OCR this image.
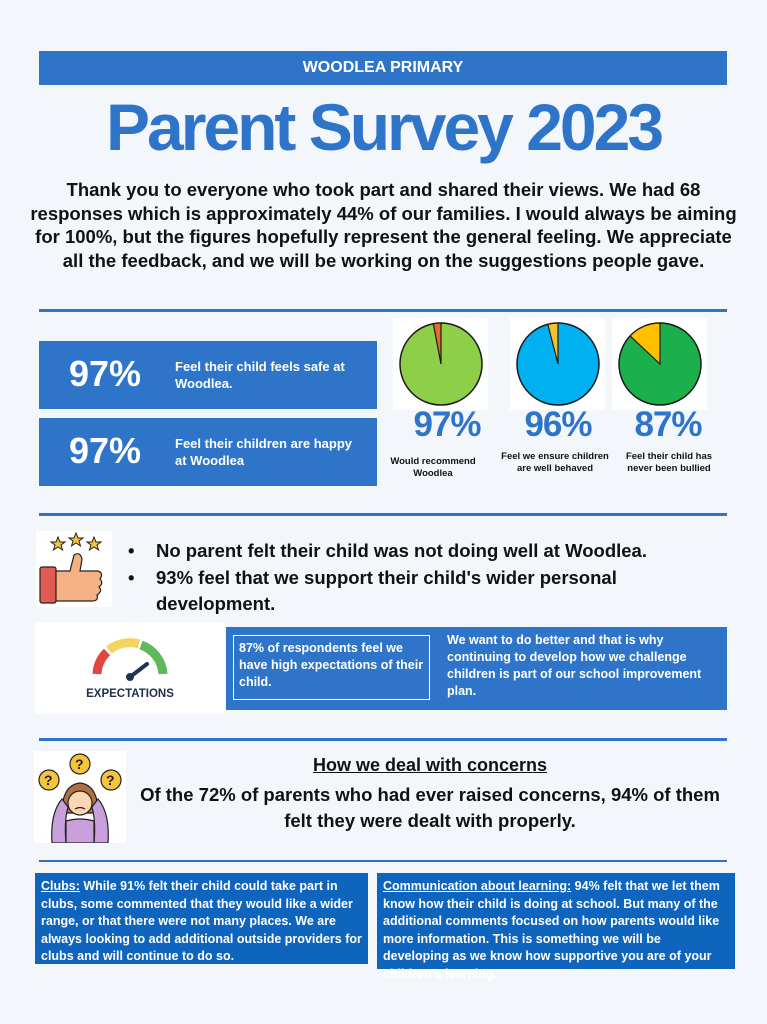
WOODLEA PRIMARY
Parent Survey 2023
Thank you to everyone who took part and shared their views. We had 68 responses which is approximately 44% of our families. I would always be aiming for 100%, but the figures hopefully represent the general feeling. We appreciate all the feedback, and we will be working on the suggestions people gave.
97%	Feel their child feels safe at Woodlea.
97%	Feel their children are happy at Woodlea
97%	96%	87%
Would recommend Woodlea
Feel we ensure children are well behaved
Feel their child has never been bullied
• No parent felt their child was not doing well at Woodlea.
• 93% feel that we support their child's wider personal development.
EXPECTATIONS
87% of respondents feel we have high expectations of their child.
We want to do better and that is why continuing to develop how we challenge children is part of our school improvement plan.
?
?	?
How we deal with concerns
Of the 72% of parents who had ever raised concerns, 94% of them felt they were dealt with properly.
Clubs: While 91% felt their child could take part in clubs, some commented that they would like a wider range, or that there were not many places. We are always looking to add additional outside providers for clubs and will continue to do so.
Communication about learning: 94% felt that we let them know how their child is doing at school. But many of the additional comments focused on how parents would like more information. This is something we will be developing as we know how supportive you are of your children's learning.
